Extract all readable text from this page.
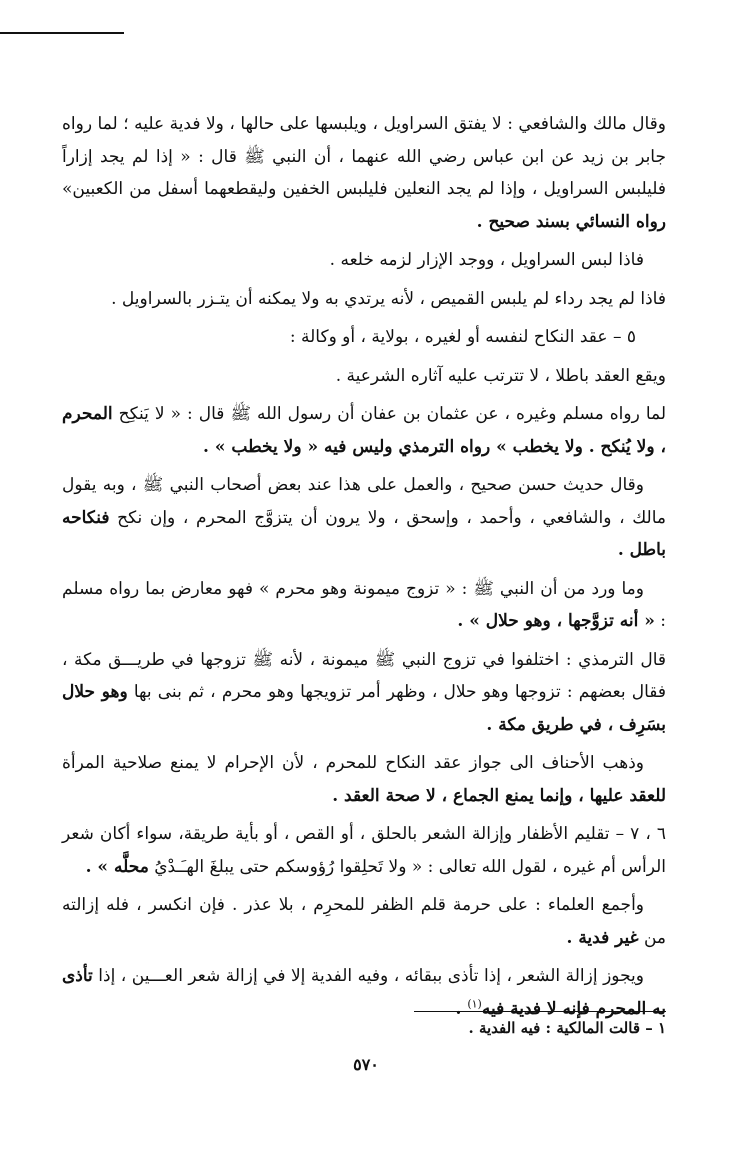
وقال مالك والشافعي : لا يفتق السراويل ، ويلبسها على حالها ، ولا فدية عليه ؛ لما رواه جابر بن زيد عن ابن عباس رضي الله عنهما ، أن النبي ﷺ قال : « إذا لم يجد إزاراً فليلبس السراويل ، وإذا لم يجد النعلين فليلبس الخفين وليقطعهما أسفل من الكعبين» رواه النسائي بسند صحيح .

فاذا لبس السراويل ، ووجد الإزار لزمه خلعه .

فاذا لم يجد رداء لم يلبس القميص ، لأنه يرتدي به ولا يمكنه أن يتـزر بالسراويل .

٥ – عقد النكاح لنفسه أو لغيره ، بولاية ، أو وكالة :

ويقع العقد باطلا ، لا تترتب عليه آثاره الشرعية .

لما رواه مسلم وغيره ، عن عثمان بن عفان أن رسول الله ﷺ قال : « لا يَنكِح المحرم ، ولا يُنكح . ولا يخطب » رواه الترمذي وليس فيه « ولا يخطب » .

وقال حديث حسن صحيح ، والعمل على هذا عند بعض أصحاب النبي ﷺ ، وبه يقول مالك ، والشافعي ، وأحمد ، وإسحق ، ولا يرون أن يتزوَّج المحرم ، وإن نكح فنكاحه باطل .

وما ورد من أن النبي ﷺ : « تزوج ميمونة وهو محرم » فهو معارض بما رواه مسلم : « أنه تزوَّجها ، وهو حلال » .

قال الترمذي : اختلفوا في تزوج النبي ﷺ ميمونة ، لأنه ﷺ تزوجها في طريـــق مكة ، فقال بعضهم : تزوجها وهو حلال ، وظهر أمر تزويجها وهو محرم ، ثم بنى بها وهو حلال بسَرِف ، في طريق مكة .

وذهب الأحناف الى جواز عقد النكاح للمحرم ، لأن الإحرام لا يمنع صلاحية المرأة للعقد عليها ، وإنما يمنع الجماع ، لا صحة العقد .

٦ ، ٧ – تقليم الأظفار وإزالة الشعر بالحلق ، أو القص ، أو بأية طريقة، سواء أكان شعر الرأس أم غيره ، لقول الله تعالى : « ولا تَحلِقوا رُؤوسكم حتى يبلغَ الهـَـدْيُ محلَّه » .

وأجمع العلماء : على حرمة قلم الظفر للمحرِم ، بلا عذر . فإن انكسر ، فله إزالته من غير فدية .

ويجوز إزالة الشعر ، إذا تأذى ببقائه ، وفيه الفدية إلا في إزالة شعر العـــين ، إذا تأذى به المحرم فإنه لا فدية فيه$^{(١)}$ .

١ – قالت المالكية : فيه الفدية .
٥٧٠
